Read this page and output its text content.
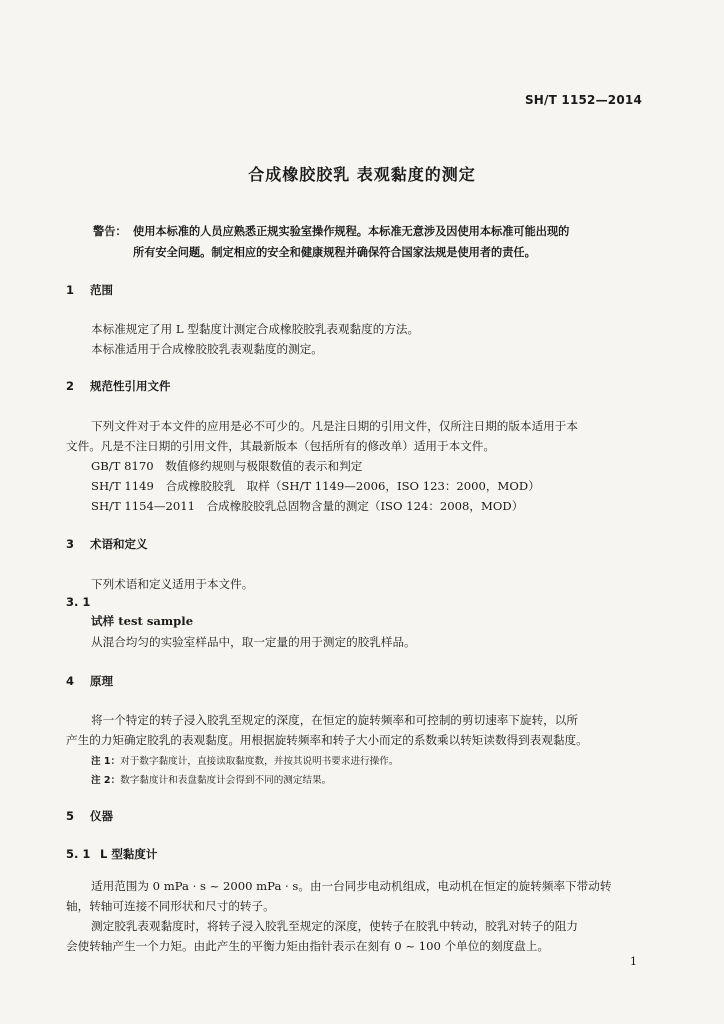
SH/T 1152—2014
合成橡胶胶乳 表观黏度的测定
警告： 使用本标准的人员应熟悉正规实验室操作规程。本标准无意涉及因使用本标准可能出现的
所有安全问题。制定相应的安全和健康规程并确保符合国家法规是使用者的责任。
1 范围
本标准规定了用 L 型黏度计测定合成橡胶胶乳表观黏度的方法。
本标准适用于合成橡胶胶乳表观黏度的测定。
2 规范性引用文件
下列文件对于本文件的应用是必不可少的。凡是注日期的引用文件，仅所注日期的版本适用于本
文件。凡是不注日期的引用文件，其最新版本（包括所有的修改单）适用于本文件。
GB/T 8170　数值修约规则与极限数值的表示和判定
SH/T 1149　合成橡胶胶乳　取样（SH/T 1149—2006，ISO 123：2000，MOD）
SH/T 1154—2011　合成橡胶胶乳总固物含量的测定（ISO 124：2008，MOD）
3 术语和定义
下列术语和定义适用于本文件。
3. 1
试样 test sample
从混合均匀的实验室样品中，取一定量的用于测定的胶乳样品。
4 原理
将一个特定的转子浸入胶乳至规定的深度，在恒定的旋转频率和可控制的剪切速率下旋转，以所
产生的力矩确定胶乳的表观黏度。用根据旋转频率和转子大小而定的系数乘以转矩读数得到表观黏度。
注 1：对于数字黏度计，直接读取黏度数，并按其说明书要求进行操作。
注 2：数字黏度计和表盘黏度计会得到不同的测定结果。
5 仪器
5. 1 L 型黏度计
适用范围为 0 mPa · s ~ 2000 mPa · s。由一台同步电动机组成，电动机在恒定的旋转频率下带动转
轴，转轴可连接不同形状和尺寸的转子。
测定胶乳表观黏度时，将转子浸入胶乳至规定的深度，使转子在胶乳中转动，胶乳对转子的阻力
会使转轴产生一个力矩。由此产生的平衡力矩由指针表示在刻有 0 ~ 100 个单位的刻度盘上。
1
